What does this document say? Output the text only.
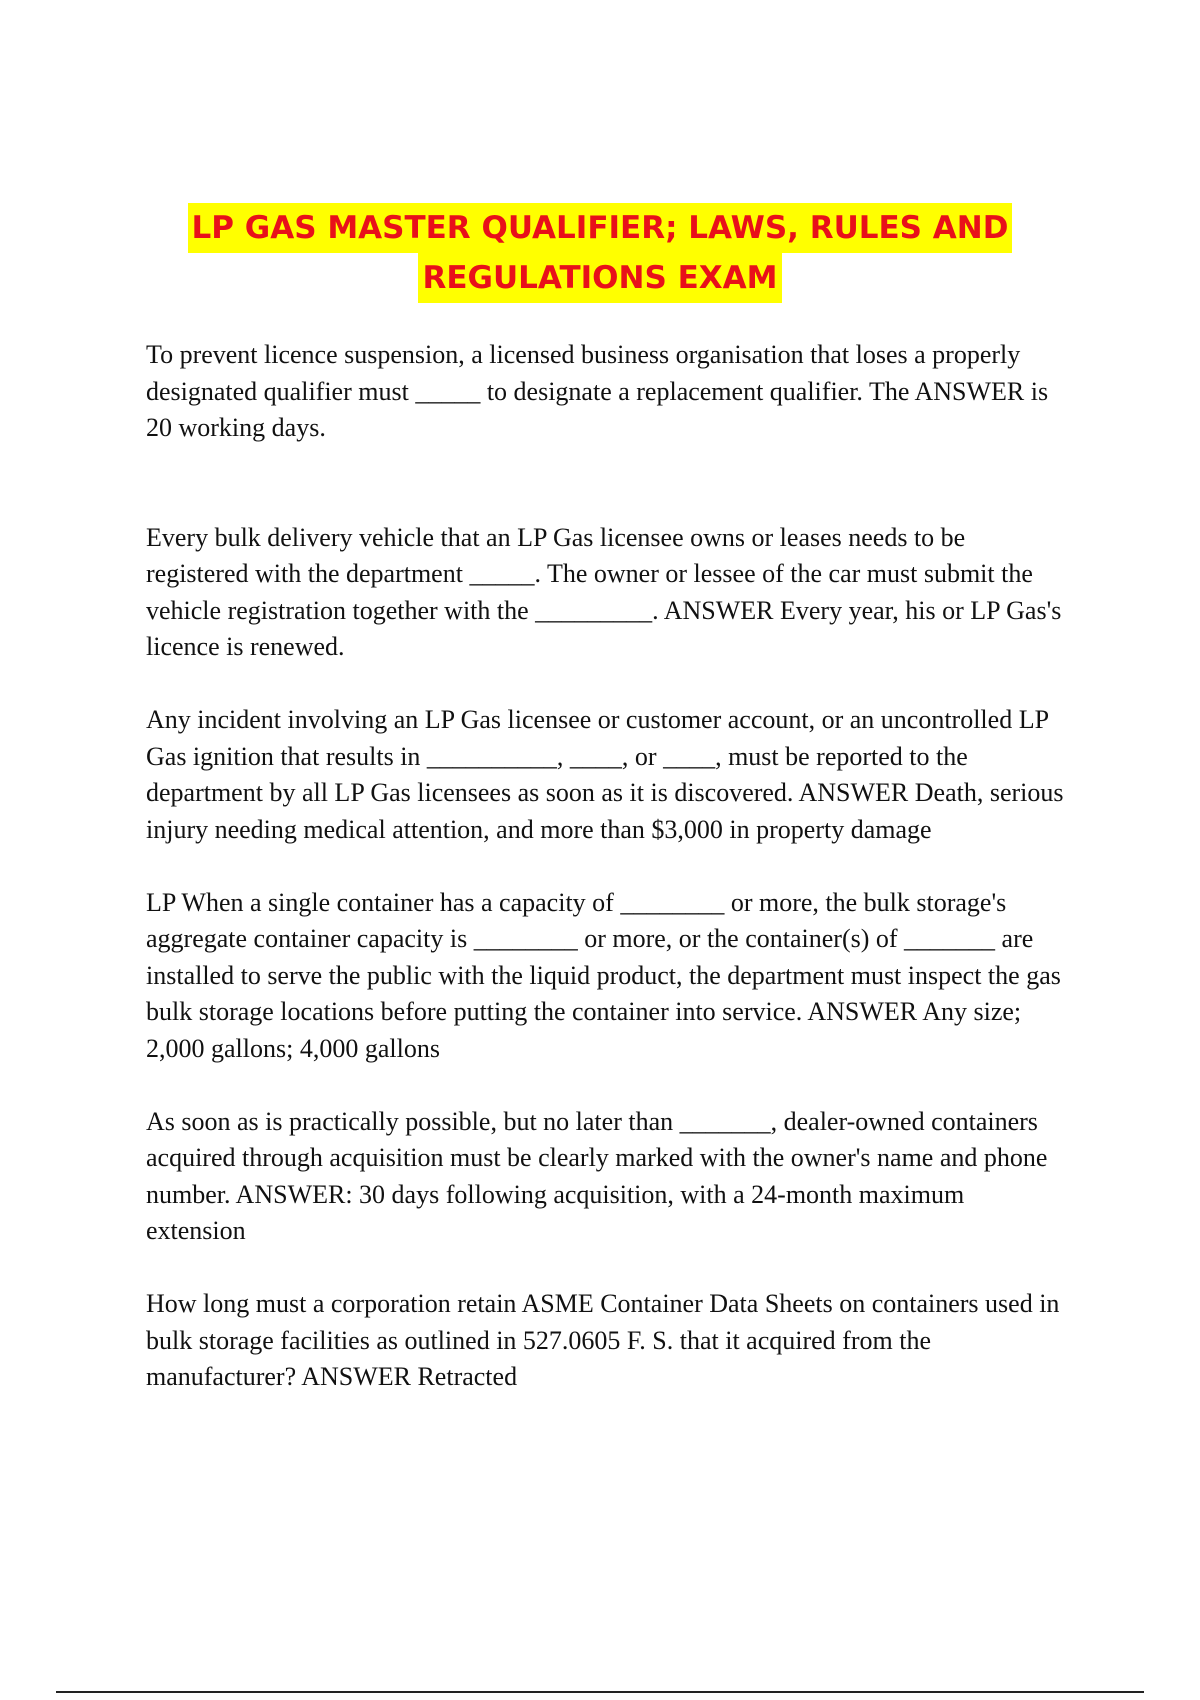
LP GAS MASTER QUALIFIER; LAWS, RULES AND
REGULATIONS EXAM

To prevent licence suspension, a licensed business organisation that loses a properly designated qualifier must _____ to designate a replacement qualifier. The ANSWER is 20 working days.

Every bulk delivery vehicle that an LP Gas licensee owns or leases needs to be registered with the department _____. The owner or lessee of the car must submit the vehicle registration together with the _________. ANSWER Every year, his or LP Gas's licence is renewed.

Any incident involving an LP Gas licensee or customer account, or an uncontrolled LP Gas ignition that results in __________, ____, or ____, must be reported to the department by all LP Gas licensees as soon as it is discovered. ANSWER Death, serious injury needing medical attention, and more than $3,000 in property damage

LP When a single container has a capacity of ________ or more, the bulk storage's aggregate container capacity is ________ or more, or the container(s) of _______ are installed to serve the public with the liquid product, the department must inspect the gas bulk storage locations before putting the container into service. ANSWER Any size; 2,000 gallons; 4,000 gallons

As soon as is practically possible, but no later than _______, dealer-owned containers acquired through acquisition must be clearly marked with the owner's name and phone number. ANSWER: 30 days following acquisition, with a 24-month maximum extension

How long must a corporation retain ASME Container Data Sheets on containers used in bulk storage facilities as outlined in 527.0605 F. S. that it acquired from the manufacturer? ANSWER Retracted
